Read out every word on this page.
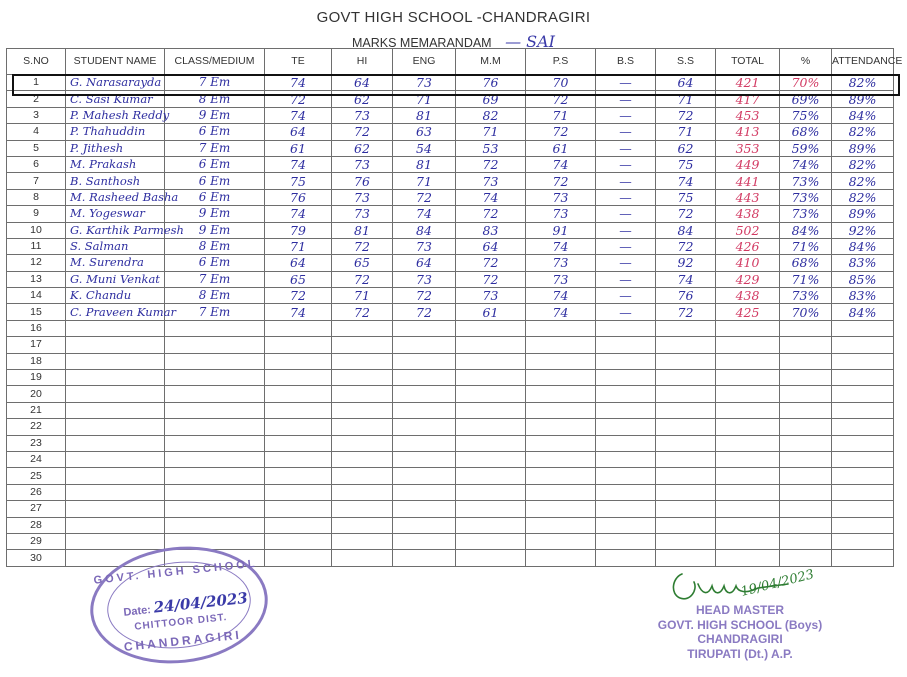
GOVT HIGH SCHOOL -CHANDRAGIRI
MARKS MEMARANDAM — SAI
S.NO	STUDENT NAME	CLASS/MEDIUM	TE	HI	ENG	M.M	P.S	B.S	S.S	TOTAL	%	ATTENDANCE
1	G. Narasarayda	7 Em	74	64	73	76	70	—	64	421	70%	82%
2	C. Sasi Kumar	8 Em	72	62	71	69	72	—	71	417	69%	89%
3	P. Mahesh Reddy	9 Em	74	73	81	82	71	—	72	453	75%	84%
4	P. Thahuddin	6 Em	64	72	63	71	72	—	71	413	68%	82%
5	P. Jithesh	7 Em	61	62	54	53	61	—	62	353	59%	89%
6	M. Prakash	6 Em	74	73	81	72	74	—	75	449	74%	82%
7	B. Santhosh	6 Em	75	76	71	73	72	—	74	441	73%	82%
8	M. Rasheed Basha	6 Em	76	73	72	74	73	—	75	443	73%	82%
9	M. Yogeswar	9 Em	74	73	74	72	73	—	72	438	73%	89%
10	G. Karthik Parmesh	9 Em	79	81	84	83	91	—	84	502	84%	92%
11	S. Salman	8 Em	71	72	73	64	74	—	72	426	71%	84%
12	M. Surendra	6 Em	64	65	64	72	73	—	92	410	68%	83%
13	G. Muni Venkat	7 Em	65	72	73	72	73	—	74	429	71%	85%
14	K. Chandu	8 Em	72	71	72	73	74	—	76	438	73%	83%
15	C. Praveen Kumar	7 Em	74	72	72	61	74	—	72	425	70%	84%
16												
17												
18												
19												
20												
21												
22												
23												
24												
25												
26												
27												
28												
29												
30												
GOVT. HIGH SCHOOL
Date: 24/04/2023
CHITTOOR DIST.
CHANDRAGIRI
19/04/2023
HEAD MASTER
GOVT. HIGH SCHOOL (Boys)
CHANDRAGIRI
TIRUPATI (Dt.) A.P.
